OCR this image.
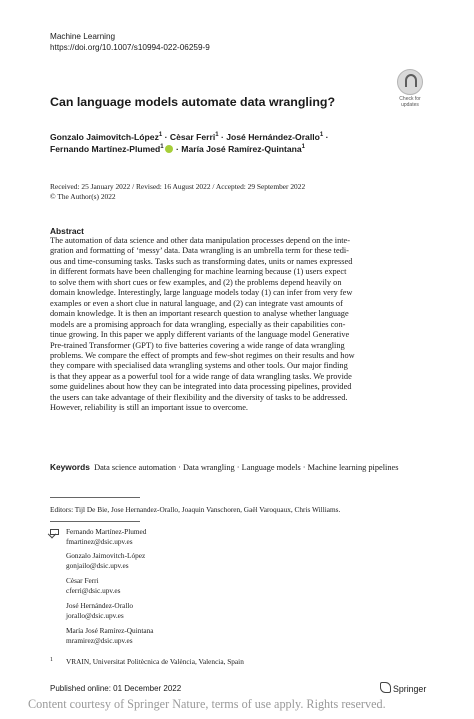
Machine Learning
https://doi.org/10.1007/s10994-022-06259-9
Check for updates
Can language models automate data wrangling?
Gonzalo Jaimovitch‑López$^1$ · Cèsar Ferri$^1$ · José Hernández‑Orallo$^1$ ·
Fernando Martínez‑Plumed$^1$ · María José Ramírez‑Quintana$^1$
Received: 25 January 2022 / Revised: 16 August 2022 / Accepted: 29 September 2022
© The Author(s) 2022
Abstract
The automation of data science and other data manipulation processes depend on the inte-
gration and formatting of ‘messy’ data. Data wrangling is an umbrella term for these tedi-
ous and time-consuming tasks. Tasks such as transforming dates, units or names expressed
in different formats have been challenging for machine learning because (1) users expect
to solve them with short cues or few examples, and (2) the problems depend heavily on
domain knowledge. Interestingly, large language models today (1) can infer from very few
examples or even a short clue in natural language, and (2) can integrate vast amounts of
domain knowledge. It is then an important research question to analyse whether language
models are a promising approach for data wrangling, especially as their capabilities con-
tinue growing. In this paper we apply different variants of the language model Generative
Pre-trained Transformer (GPT) to five batteries covering a wide range of data wrangling
problems. We compare the effect of prompts and few-shot regimes on their results and how
they compare with specialised data wrangling systems and other tools. Our major finding
is that they appear as a powerful tool for a wide range of data wrangling tasks. We provide
some guidelines about how they can be integrated into data processing pipelines, provided
the users can take advantage of their flexibility and the diversity of tasks to be addressed.
However, reliability is still an important issue to overcome.
Keywords Data science automation · Data wrangling · Language models · Machine learning pipelines
Editors: Tijl De Bie, Jose Hernandez-Orallo, Joaquin Vanschoren, Gaël Varoquaux, Chris Williams.
Fernando Martínez-Plumed
fmartinez@dsic.upv.es
Gonzalo Jaimovitch-López
gonjailo@dsic.upv.es
Cèsar Ferri
cferri@dsic.upv.es
José Hernández-Orallo
jorallo@dsic.upv.es
María José Ramírez-Quintana
mramirez@dsic.upv.es
1 VRAIN, Universitat Politècnica de València, Valencia, Spain
Published online: 01 December 2022	Springer
Content courtesy of Springer Nature, terms of use apply. Rights reserved.
